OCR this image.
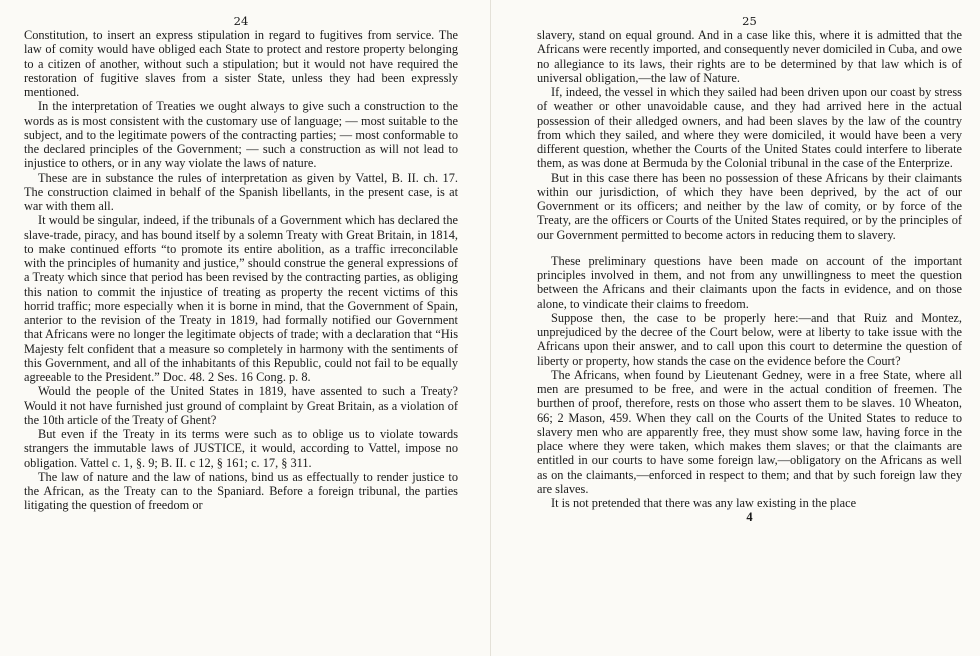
24

Constitution, to insert an express stipulation in regard to fugitives from service. The law of comity would have obliged each State to protect and restore property belonging to a citizen of another, without such a stipulation; but it would not have required the restoration of fugitive slaves from a sister State, unless they had been expressly mentioned.

In the interpretation of Treaties we ought always to give such a construction to the words as is most consistent with the customary use of language; — most suitable to the subject, and to the legitimate powers of the contracting parties; — most conformable to the declared principles of the Government; — such a construction as will not lead to injustice to others, or in any way violate the laws of nature.

These are in substance the rules of interpretation as given by Vattel, B. II. ch. 17. The construction claimed in behalf of the Spanish libellants, in the present case, is at war with them all.

It would be singular, indeed, if the tribunals of a Government which has declared the slave-trade, piracy, and has bound itself by a solemn Treaty with Great Britain, in 1814, to make continued efforts “to promote its entire abolition, as a traffic irreconcilable with the principles of humanity and justice,” should construe the general expressions of a Treaty which since that period has been revised by the contracting parties, as obliging this nation to commit the injustice of treating as property the recent victims of this horrid traffic; more especially when it is borne in mind, that the Government of Spain, anterior to the revision of the Treaty in 1819, had formally notified our Government that Africans were no longer the legitimate objects of trade; with a declaration that “His Majesty felt confident that a measure so completely in harmony with the sentiments of this Government, and all of the inhabitants of this Republic, could not fail to be equally agreeable to the President.” Doc. 48. 2 Ses. 16 Cong. p. 8.

Would the people of the United States in 1819, have assented to such a Treaty? Would it not have furnished just ground of complaint by Great Britain, as a violation of the 10th article of the Treaty of Ghent?

But even if the Treaty in its terms were such as to oblige us to violate towards strangers the immutable laws of JUSTICE, it would, according to Vattel, impose no obligation. Vattel c. 1, §. 9; B. II. c 12, § 161; c. 17, § 311.

The law of nature and the law of nations, bind us as effectually to render justice to the African, as the Treaty can to the Spaniard. Before a foreign tribunal, the parties litigating the question of freedom or

25

slavery, stand on equal ground. And in a case like this, where it is admitted that the Africans were recently imported, and consequently never domiciled in Cuba, and owe no allegiance to its laws, their rights are to be determined by that law which is of universal obligation,—the law of Nature.

If, indeed, the vessel in which they sailed had been driven upon our coast by stress of weather or other unavoidable cause, and they had arrived here in the actual possession of their alledged owners, and had been slaves by the law of the country from which they sailed, and where they were domiciled, it would have been a very different question, whether the Courts of the United States could interfere to liberate them, as was done at Bermuda by the Colonial tribunal in the case of the Enterprize.

But in this case there has been no possession of these Africans by their claimants within our jurisdiction, of which they have been deprived, by the act of our Government or its officers; and neither by the law of comity, or by force of the Treaty, are the officers or Courts of the United States required, or by the principles of our Government permitted to become actors in reducing them to slavery.

These preliminary questions have been made on account of the important principles involved in them, and not from any unwillingness to meet the question between the Africans and their claimants upon the facts in evidence, and on those alone, to vindicate their claims to freedom.

Suppose then, the case to be properly here:—and that Ruiz and Montez, unprejudiced by the decree of the Court below, were at liberty to take issue with the Africans upon their answer, and to call upon this court to determine the question of liberty or property, how stands the case on the evidence before the Court?

The Africans, when found by Lieutenant Gedney, were in a free State, where all men are presumed to be free, and were in the actual condition of freemen. The burthen of proof, therefore, rests on those who assert them to be slaves. 10 Wheaton, 66; 2 Mason, 459. When they call on the Courts of the United States to reduce to slavery men who are apparently free, they must show some law, having force in the place where they were taken, which makes them slaves; or that the claimants are entitled in our courts to have some foreign law,—obligatory on the Africans as well as on the claimants,—enforced in respect to them; and that by such foreign law they are slaves.

It is not pretended that there was any law existing in the place

4
